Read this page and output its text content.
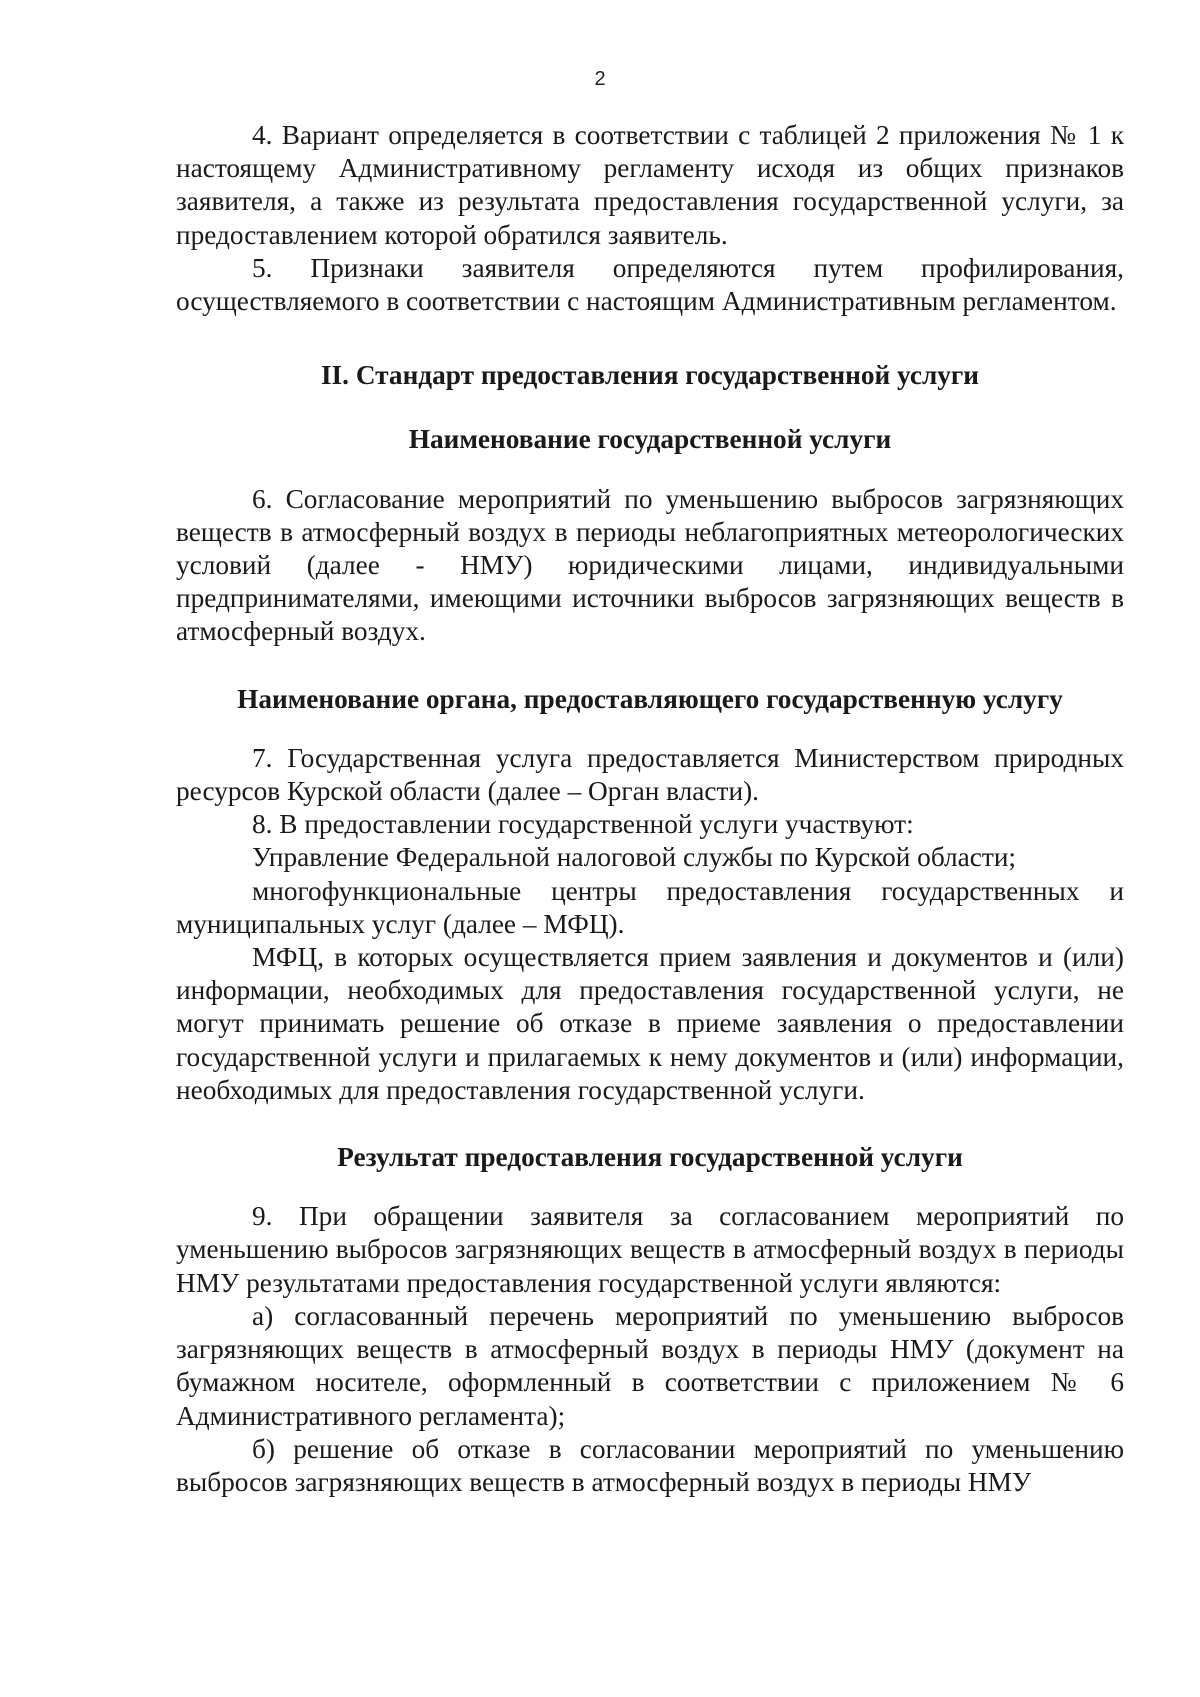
2

4. Вариант определяется в соответствии с таблицей 2 приложения № 1 к настоящему Административному регламенту исходя из общих признаков заявителя, а также из результата предоставления государственной услуги, за предоставлением которой обратился заявитель.

5. Признаки заявителя определяются путем профилирования, осуществляемого в соответствии с настоящим Административным регламентом.

II. Стандарт предоставления государственной услуги
Наименование государственной услуги

6. Согласование мероприятий по уменьшению выбросов загрязняющих веществ в атмосферный воздух в периоды неблагоприятных метеорологических условий (далее - НМУ) юридическими лицами, индивидуальными предпринимателями, имеющими источники выбросов загрязняющих веществ в атмосферный воздух.

Наименование органа, предоставляющего государственную услугу

7. Государственная услуга предоставляется Министерством природных ресурсов Курской области (далее – Орган власти).

8. В предоставлении государственной услуги участвуют:

Управление Федеральной налоговой службы по Курской области;

многофункциональные центры предоставления государственных и муниципальных услуг (далее – МФЦ).

МФЦ, в которых осуществляется прием заявления и документов и (или) информации, необходимых для предоставления государственной услуги, не могут принимать решение об отказе в приеме заявления о предоставлении государственной услуги и прилагаемых к нему документов и (или) информации, необходимых для предоставления государственной услуги.

Результат предоставления государственной услуги

9. При обращении заявителя за согласованием мероприятий по уменьшению выбросов загрязняющих веществ в атмосферный воздух в периоды НМУ результатами предоставления государственной услуги являются:

а) согласованный перечень мероприятий по уменьшению выбросов загрязняющих веществ в атмосферный воздух в периоды НМУ (документ на бумажном носителе, оформленный в соответствии с приложением № 6 Административного регламента);

б) решение об отказе в согласовании мероприятий по уменьшению выбросов загрязняющих веществ в атмосферный воздух в периоды НМУ
